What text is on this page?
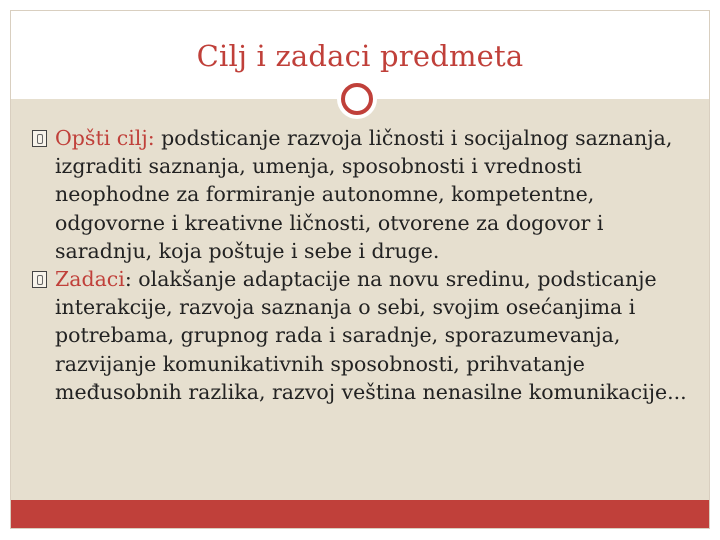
Cilj i zadaci predmeta

Opšti cilj: podsticanje razvoja ličnosti i socijalnog saznanja, izgraditi saznanja, umenja, sposobnosti i vrednosti neophodne za formiranje autonomne, kompetentne, odgovorne i kreativne ličnosti, otvorene za dogovor i saradnju, koja poštuje i sebe i druge.

Zadaci: olakšanje adaptacije na novu sredinu, podsticanje interakcije, razvoja saznanja o sebi, svojim osećanjima i potrebama, grupnog rada i saradnje, sporazumevanja, razvijanje komunikativnih sposobnosti, prihvatanje međusobnih razlika, razvoj veština nenasilne komunikacije...
